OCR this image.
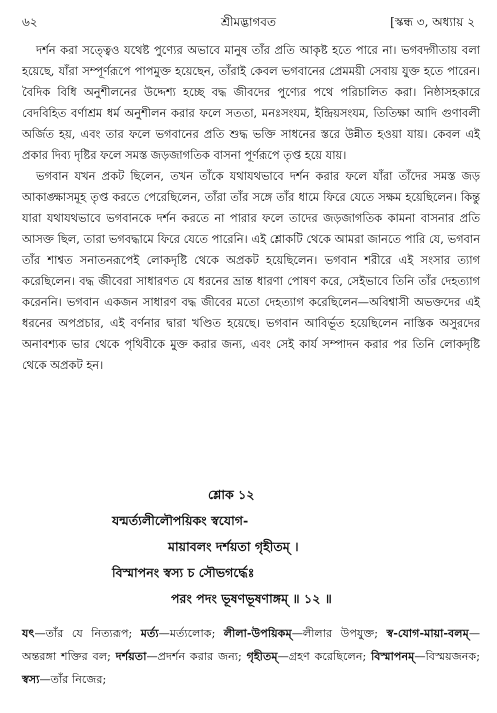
শ্রীমদ্ভাগবত
৬২	[স্কন্ধ ৩, অধ্যায় ২

দর্শন করা সত্ত্বেও যথেষ্ট পুণ্যের অভাবে মানুষ তাঁর প্রতি আকৃষ্ট হতে পারে না। ভগবদ্গীতায় বলা হয়েছে, যাঁরা সম্পূর্ণরূপে পাপমুক্ত হয়েছেন, তাঁরাই কেবল ভগবানের প্রেমময়ী সেবায় যুক্ত হতে পারেন। বৈদিক বিধি অনুশীলনের উদ্দেশ্য হচ্ছে বদ্ধ জীবদের পুণ্যের পথে পরিচালিত করা। নিষ্ঠাসহকারে বেদবিহিত বর্ণাশ্রম ধর্ম অনুশীলন করার ফলে সততা, মনঃসংযম, ইন্দ্রিয়সংযম, তিতিক্ষা আদি গুণাবলী অর্জিত হয়, এবং তার ফলে ভগবানের প্রতি শুদ্ধ ভক্তি সাধনের স্তরে উন্নীত হওয়া যায়। কেবল এই প্রকার দিব্য দৃষ্টির ফলে সমস্ত জড়জাগতিক বাসনা পূর্ণরূপে তৃপ্ত হয়ে যায়।

ভগবান যখন প্রকট ছিলেন, তখন তাঁকে যথাযথভাবে দর্শন করার ফলে যাঁরা তাঁদের সমস্ত জড় আকাঙ্ক্ষাসমূহ তৃপ্ত করতে পেরেছিলেন, তাঁরা তাঁর সঙ্গে তাঁর ধামে ফিরে যেতে সক্ষম হয়েছিলেন। কিন্তু যারা যথাযথভাবে ভগবানকে দর্শন করতে না পারার ফলে তাদের জড়জাগতিক কামনা বাসনার প্রতি আসক্ত ছিল, তারা ভগবদ্ধামে ফিরে যেতে পারেনি। এই শ্লোকটি থেকে আমরা জানতে পারি যে, ভগবান তাঁর শাশ্বত সনাতনরূপেই লোকদৃষ্টি থেকে অপ্রকট হয়েছিলেন। ভগবান শরীরে এই সংসার ত্যাগ করেছিলেন। বদ্ধ জীবেরা সাধারণত যে ধরনের ভ্রান্ত ধারণা পোষণ করে, সেইভাবে তিনি তাঁর দেহত্যাগ করেননি। ভগবান একজন সাধারণ বদ্ধ জীবের মতো দেহত্যাগ করেছিলেন—অবিশ্বাসী অভক্তদের এই ধরনের অপপ্রচার, এই বর্ণনার দ্বারা খণ্ডিত হয়েছে। ভগবান আবির্ভূত হয়েছিলেন নাস্তিক অসুরদের অনাবশ্যক ভার থেকে পৃথিবীকে মুক্ত করার জন্য, এবং সেই কার্য সম্পাদন করার পর তিনি লোকদৃষ্টি থেকে অপ্রকট হন।

শ্লোক ১২
যন্মর্ত্যলীলৌপয়িকং স্বযোগ-
মায়াবলং দর্শয়তা গৃহীতম্ ।
বিস্মাপনং স্বস্য চ সৌভগর্দ্ধেঃ
পরং পদং ভূষণভূষণাঙ্গম্ ॥ ১২ ॥
যৎ—তাঁর যে নিত্যরূপ; মর্ত্য—মর্ত্যলোক; লীলা-উপয়িকম্—লীলার উপযুক্ত; স্ব-যোগ-মায়া-বলম্—অন্তরঙ্গা শক্তির বল; দর্শয়তা—প্রদর্শন করার জন্য; গৃহীতম্—গ্রহণ করেছিলেন; বিস্মাপনম্—বিস্ময়জনক; স্বস্য—তাঁর নিজের;
